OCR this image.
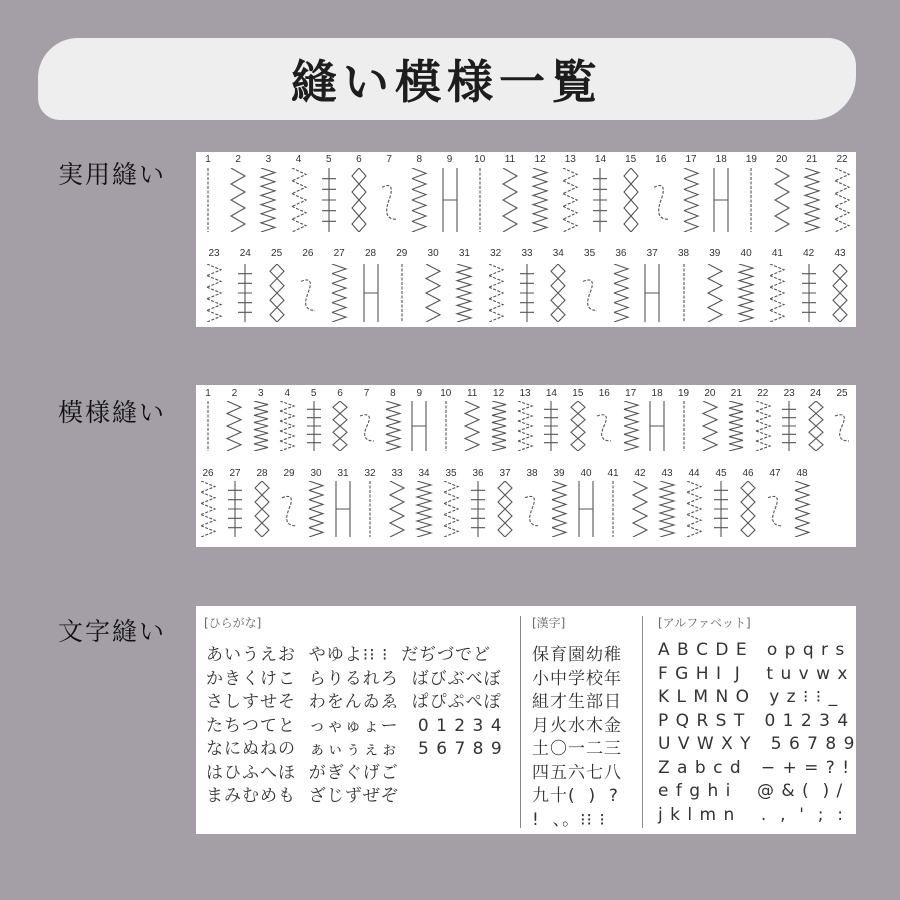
縫い模様一覧
実用縫い
1 2 3 4 5 6 7 8 9 10 11 12 13 14 15 16 17 18 19 20 21 22
23 24 25 26 27 28 29 30 31 32 33 34 35 36 37 38 39 40 41 42 43
模様縫い
1 2 3 4 5 6 7 8 9 10 11 12 13 14 15 16 17 18 19 20 21 22 23 24 25
26 27 28 29 30 31 32 33 34 35 36 37 38 39 40 41 42 43 44 45 46 47 48
文字縫い	[ひらがな]	[漢字]	[アルファベット]
あいうえお  やゆよ⁝⁝ ⁝  だぢづでど
かきくけこ  らりるれろ  ばびぶべぼ
さしすせそ  わをんゐゑ  ぱぴぷぺぽ
たちつてと  っゃゅょー   0 1 2 3 4
なにぬねの  ぁぃぅぇぉ   5 6 7 8 9
はひふへほ  がぎぐげご
まみむめも  ざじずぜぞ
保育園幼稚
小中学校年
組才生部日
月火水木金
土〇一二三
四五六七八
九十(  )  ?
!  、。⁝⁝ ⁝
A B C D E   o p q r s
F G H I  J    t u v w x
K L M N O   y z ⁝ ⁝ _
P Q R S T   0 1 2 3 4
U V W X Y   5 6 7 8 9
Z a b c d   − + = ? !
e f g h i    @ & (  ) /
j k l m n    .  ,  '  ;  :
